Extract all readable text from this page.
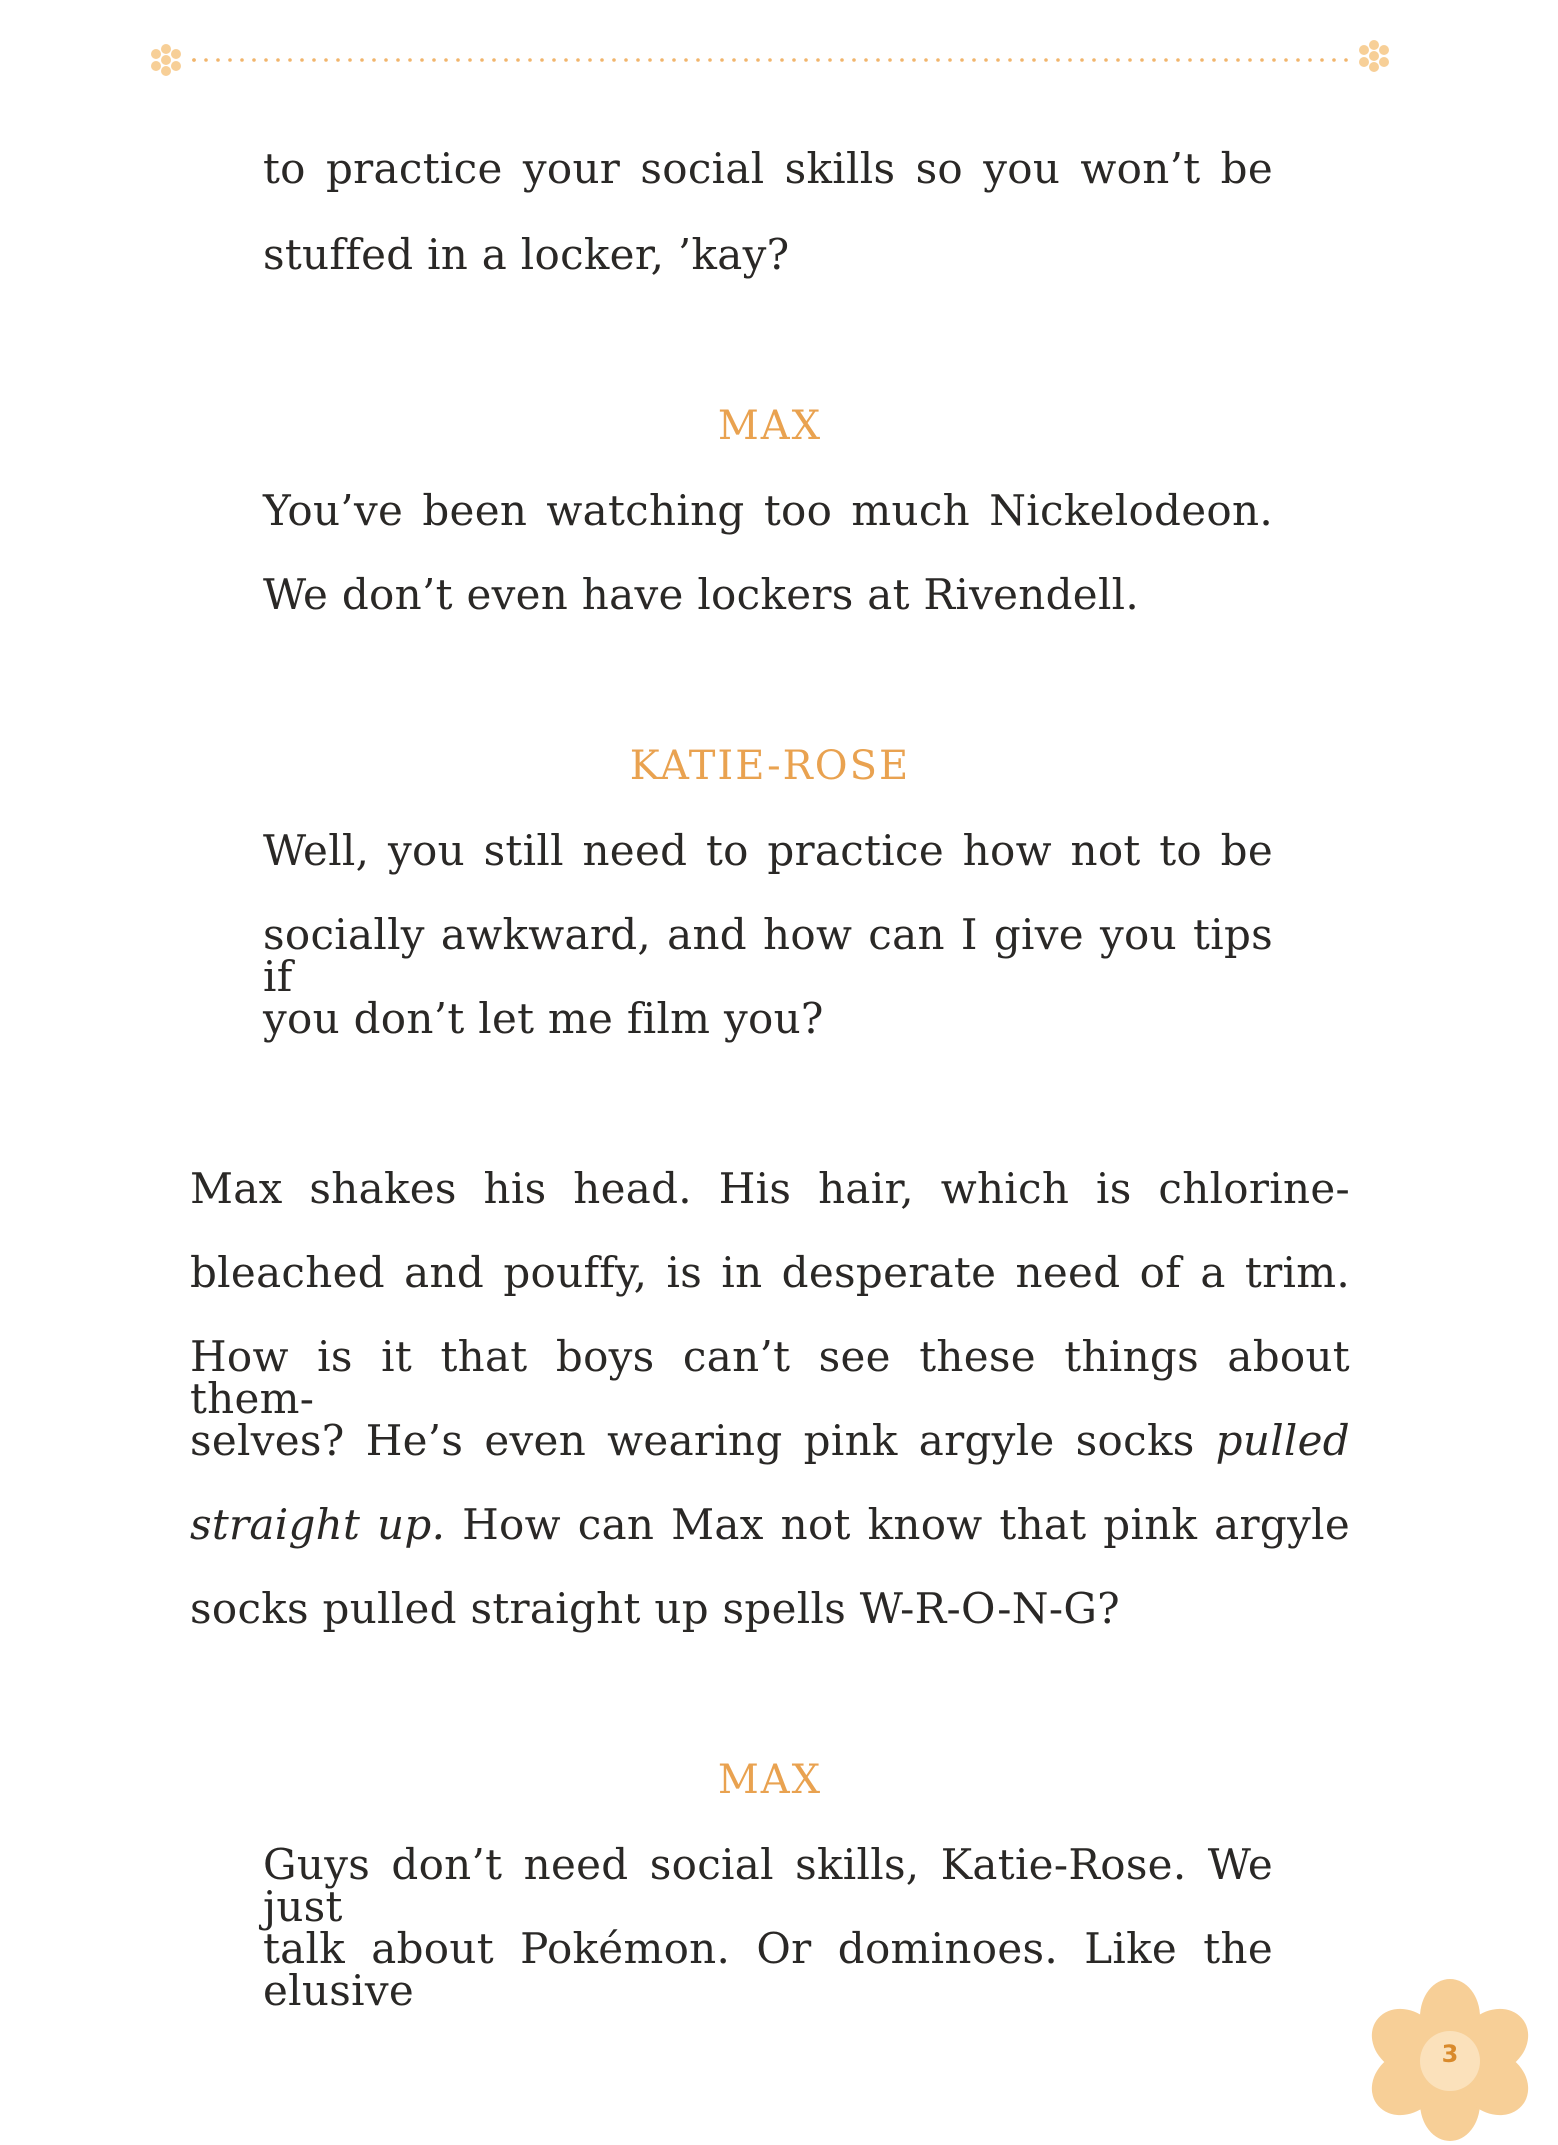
to practice your social skills so you won’t be
stuffed in a locker, ’kay?
MAX
You’ve been watching too much Nickelodeon.
We don’t even have lockers at Rivendell.
KATIE-ROSE
Well, you still need to practice how not to be
socially awkward, and how can I give you tips if
you don’t let me film you?
Max shakes his head. His hair, which is chlorine-
bleached and pouffy, is in desperate need of a trim.
How is it that boys can’t see these things about them-
selves? He’s even wearing pink argyle socks pulled
straight up. How can Max not know that pink argyle
socks pulled straight up spells W-R-O-N-G?
MAX
Guys don’t need social skills, Katie-Rose. We just
talk about Pokémon. Or dominoes. Like the elusive
3
